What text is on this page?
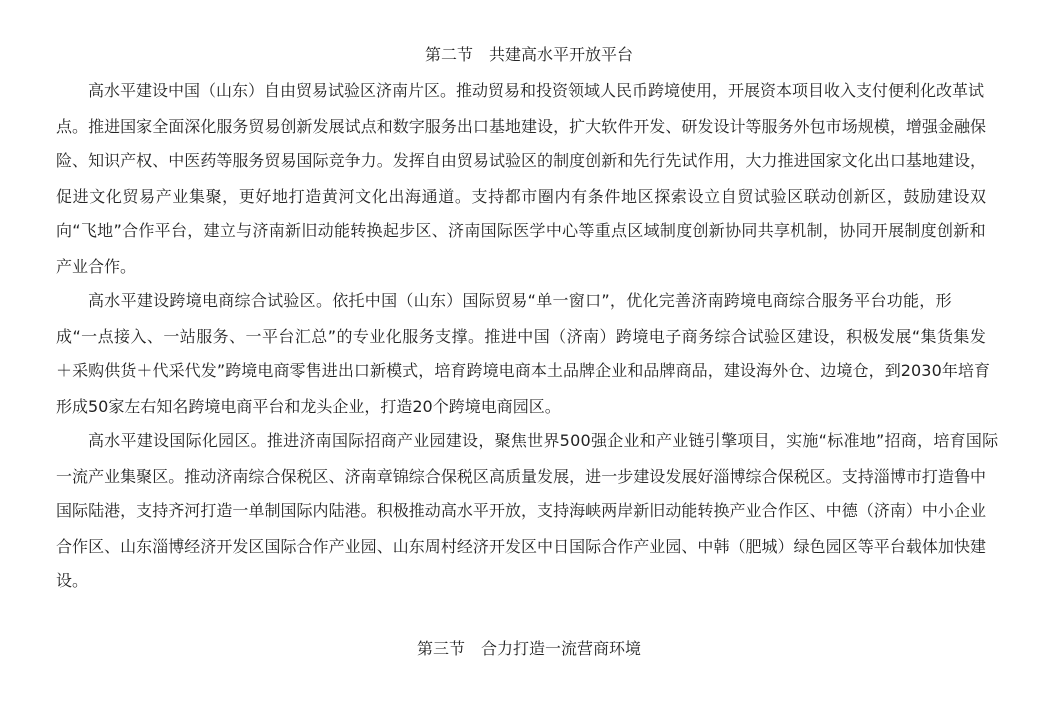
第二节　共建高水平开放平台
高水平建设中国（山东）自由贸易试验区济南片区。推动贸易和投资领域人民币跨境使用，开展资本项目收入支付便利化改革试
点。推进国家全面深化服务贸易创新发展试点和数字服务出口基地建设，扩大软件开发、研发设计等服务外包市场规模，增强金融保
险、知识产权、中医药等服务贸易国际竞争力。发挥自由贸易试验区的制度创新和先行先试作用，大力推进国家文化出口基地建设，
促进文化贸易产业集聚，更好地打造黄河文化出海通道。支持都市圈内有条件地区探索设立自贸试验区联动创新区，鼓励建设双
向“飞地”合作平台，建立与济南新旧动能转换起步区、济南国际医学中心等重点区域制度创新协同共享机制，协同开展制度创新和
产业合作。
高水平建设跨境电商综合试验区。依托中国（山东）国际贸易“单一窗口”，优化完善济南跨境电商综合服务平台功能，形
成“一点接入、一站服务、一平台汇总”的专业化服务支撑。推进中国（济南）跨境电子商务综合试验区建设，积极发展“集货集发
＋采购供货＋代采代发”跨境电商零售进出口新模式，培育跨境电商本土品牌企业和品牌商品，建设海外仓、边境仓，到2030年培育
形成50家左右知名跨境电商平台和龙头企业，打造20个跨境电商园区。
高水平建设国际化园区。推进济南国际招商产业园建设，聚焦世界500强企业和产业链引擎项目，实施“标准地”招商，培育国际
一流产业集聚区。推动济南综合保税区、济南章锦综合保税区高质量发展，进一步建设发展好淄博综合保税区。支持淄博市打造鲁中
国际陆港，支持齐河打造一单制国际内陆港。积极推动高水平开放，支持海峡两岸新旧动能转换产业合作区、中德（济南）中小企业
合作区、山东淄博经济开发区国际合作产业园、山东周村经济开发区中日国际合作产业园、中韩（肥城）绿色园区等平台载体加快建
设。
第三节　合力打造一流营商环境
